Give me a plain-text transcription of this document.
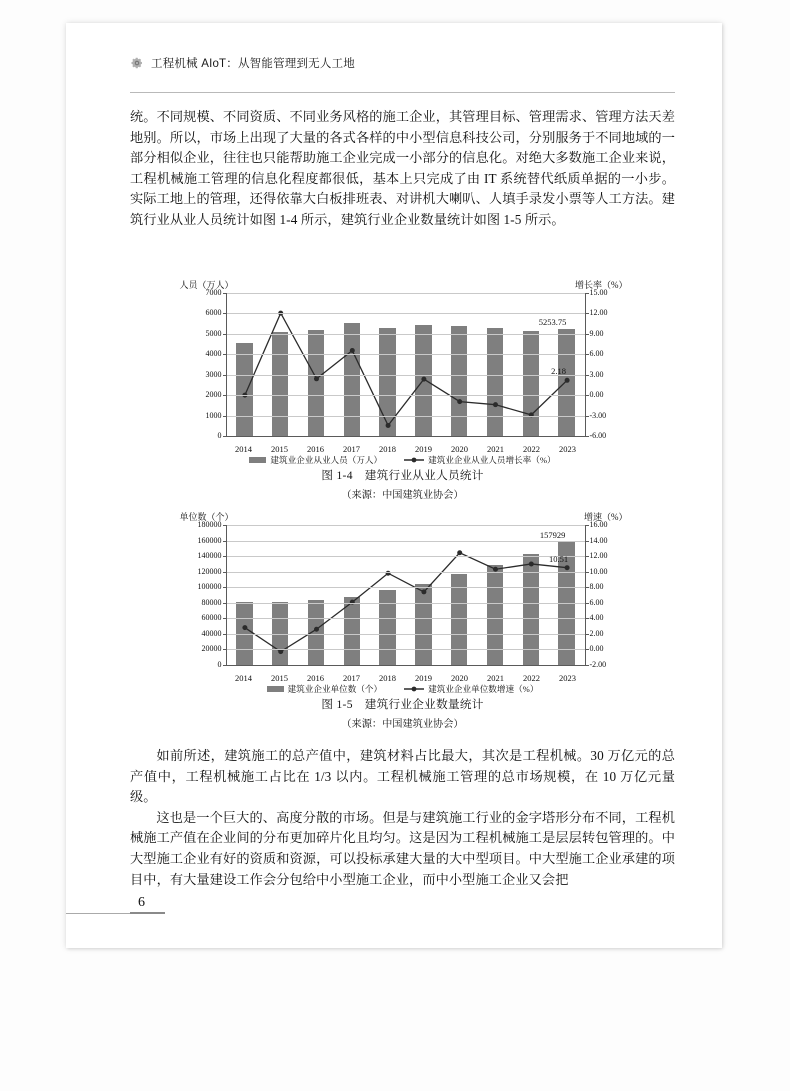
工程机械 AIoT：从智能管理到无人工地

统。不同规模、不同资质、不同业务风格的施工企业，其管理目标、管理需求、管理方法天差地别。所以，市场上出现了大量的各式各样的中小型信息科技公司，分别服务于不同地域的一部分相似企业，往往也只能帮助施工企业完成一小部分的信息化。对绝大多数施工企业来说，工程机械施工管理的信息化程度都很低，基本上只完成了由 IT 系统替代纸质单据的一小步。实际工地上的管理，还得依靠大白板排班表、对讲机大喇叭、人填手录发小票等人工方法。建筑行业从业人员统计如图 1-4 所示，建筑行业企业数量统计如图 1-5 所示。

人员（万人）	增长率（%）
0
1000
2000
3000
4000
5000
6000
7000
-6.00
-3.00
0.00
3.00
6.00
9.00
12.00
15.00
5253.75
2.18
2014	2015	2016	2017	2018	2019	2020	2021	2022	2023
建筑业企业从业人员（万人）	建筑业企业从业人员增长率（%）
图 1-4　建筑行业从业人员统计
（来源：中国建筑业协会）
单位数（个）	增速（%）
0
20000
40000
60000
80000
100000
120000
140000
160000
180000
-2.00
0.00
2.00
4.00
6.00
8.00
10.00
12.00
14.00
16.00
157929
10.51
2014	2015	2016	2017	2018	2019	2020	2021	2022	2023
建筑业企业单位数（个）	建筑业企业单位数增速（%）
图 1-5　建筑行业企业数量统计
（来源：中国建筑业协会）

如前所述，建筑施工的总产值中，建筑材料占比最大，其次是工程机械。30 万亿元的总产值中，工程机械施工占比在 1/3 以内。工程机械施工管理的总市场规模，在 10 万亿元量级。

这也是一个巨大的、高度分散的市场。但是与建筑施工行业的金字塔形分布不同，工程机械施工产值在企业间的分布更加碎片化且均匀。这是因为工程机械施工是层层转包管理的。中大型施工企业有好的资质和资源，可以投标承建大量的大中型项目。中大型施工企业承建的项目中，有大量建设工作会分包给中小型施工企业，而中小型施工企业又会把

6
